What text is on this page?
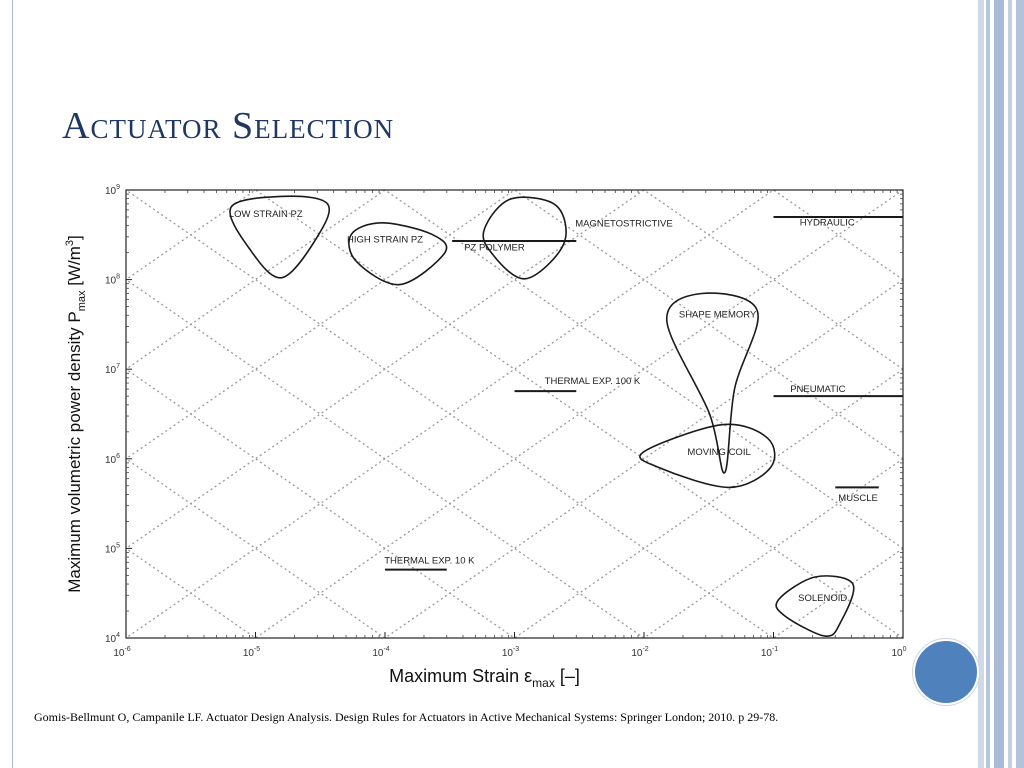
Actuator Selection
$10^{-6}$	$10^{-5}$	$10^{-4}$	$10^{-3}$	$10^{-2}$	$10^{-1}$	$10^0$
$10^4$
$10^5$
$10^6$
$10^7$
$10^8$
$10^9$
LOW STRAIN PZ
HIGH STRAIN PZ
MAGNETOSTRICTIVE
PZ POLYMER
HYDRAULIC
SHAPE MEMORY
THERMAL EXP. 100 K
PNEUMATIC
MOVING COIL
MUSCLE
THERMAL EXP. 10 K
SOLENOID
Maximum Strain $\varepsilon_{max}$ [–]
Maximum volumetric power density $P_{max}$ $[W/m^3]$

Gomis-Bellmunt O, Campanile LF. Actuator Design Analysis. Design Rules for Actuators in Active Mechanical Systems: Springer London; 2010. p 29-78.
